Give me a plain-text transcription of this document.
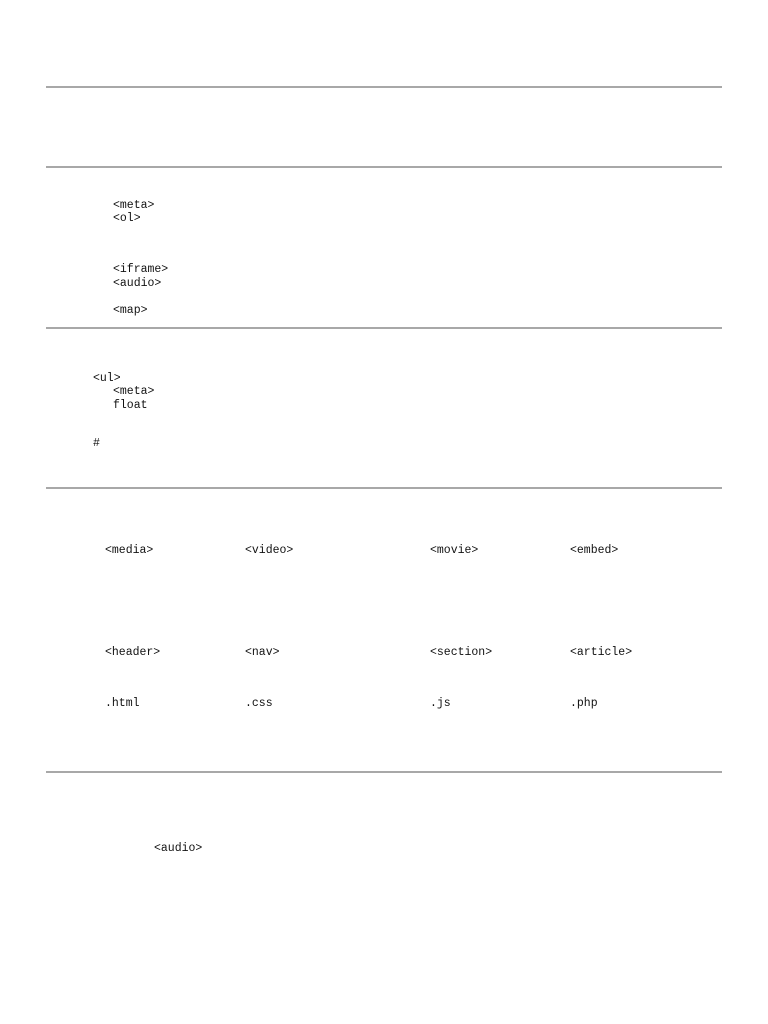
<meta>
<ol>
<iframe>
<audio>
<map>
<ul>
<meta>
float
#
<media>	<video>	<movie>	<embed>
<header>	<nav>	<section>	<article>
.html	.css	.js	.php
<audio>
